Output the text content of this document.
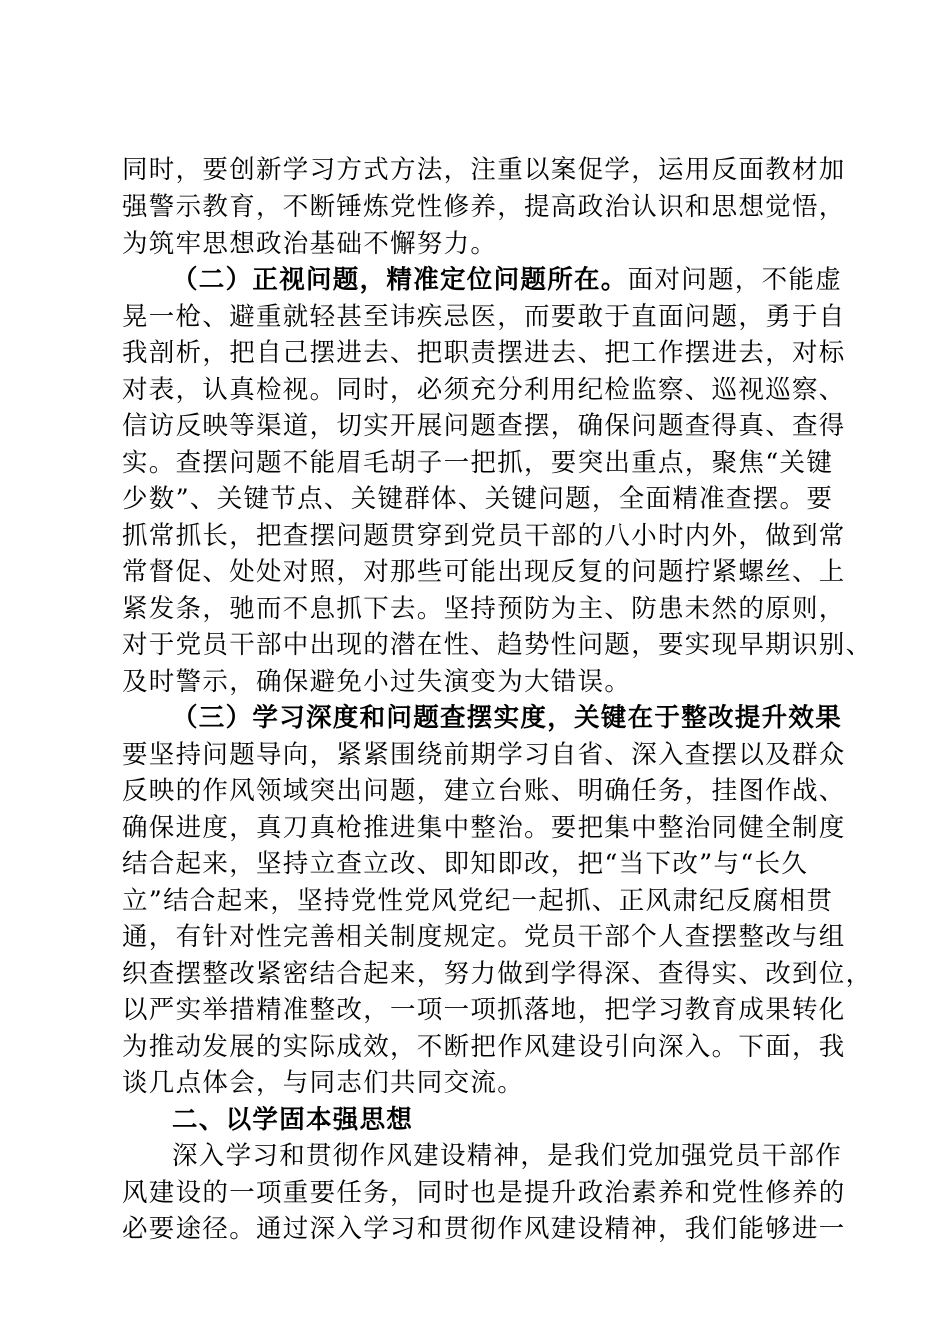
同时，要创新学习方式方法，注重以案促学，运用反面教材加
强警示教育，不断锤炼党性修养，提高政治认识和思想觉悟，
为筑牢思想政治基础不懈努力。
（二）正视问题，精准定位问题所在。面对问题，不能虚
晃一枪、避重就轻甚至讳疾忌医，而要敢于直面问题，勇于自
我剖析，把自己摆进去、把职责摆进去、把工作摆进去，对标
对表，认真检视。同时，必须充分利用纪检监察、巡视巡察、
信访反映等渠道，切实开展问题查摆，确保问题查得真、查得
实。查摆问题不能眉毛胡子一把抓，要突出重点，聚焦“关键
少数”、关键节点、关键群体、关键问题，全面精准查摆。要
抓常抓长，把查摆问题贯穿到党员干部的八小时内外，做到常
常督促、处处对照，对那些可能出现反复的问题拧紧螺丝、上
紧发条，驰而不息抓下去。坚持预防为主、防患未然的原则，
对于党员干部中出现的潜在性、趋势性问题，要实现早期识别、
及时警示，确保避免小过失演变为大错误。
（三）学习深度和问题查摆实度，关键在于整改提升效果
要坚持问题导向，紧紧围绕前期学习自省、深入查摆以及群众
反映的作风领域突出问题，建立台账、明确任务，挂图作战、
确保进度，真刀真枪推进集中整治。要把集中整治同健全制度
结合起来，坚持立查立改、即知即改，把“当下改”与“长久
立”结合起来，坚持党性党风党纪一起抓、正风肃纪反腐相贯
通，有针对性完善相关制度规定。党员干部个人查摆整改与组
织查摆整改紧密结合起来，努力做到学得深、查得实、改到位，
以严实举措精准整改，一项一项抓落地，把学习教育成果转化
为推动发展的实际成效，不断把作风建设引向深入。下面，我
谈几点体会，与同志们共同交流。
二、以学固本强思想
深入学习和贯彻作风建设精神，是我们党加强党员干部作
风建设的一项重要任务，同时也是提升政治素养和党性修养的
必要途径。通过深入学习和贯彻作风建设精神，我们能够进一
